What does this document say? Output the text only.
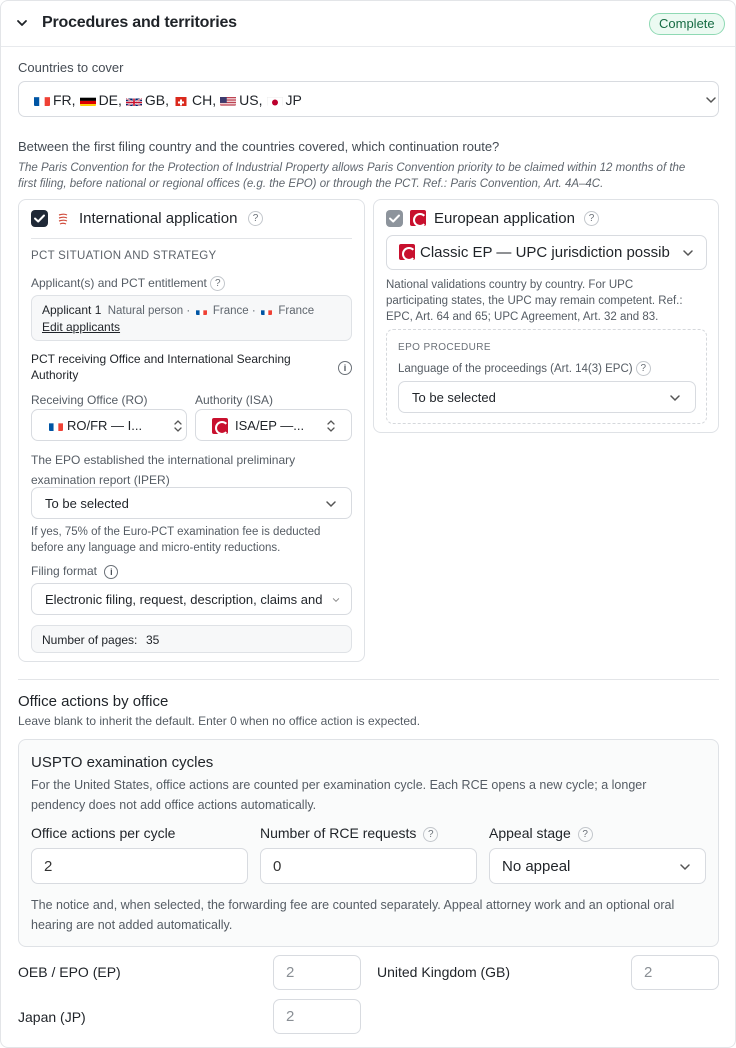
Procedures and territories	Complete
Countries to cover
FR, DE, GB, CH, US, JP
Between the first filing country and the countries covered, which continuation route?
The Paris Convention for the Protection of Industrial Property allows Paris Convention priority to be claimed within 12 months of the
first filing, before national or regional offices (e.g. the EPO) or through the PCT. Ref.: Paris Convention, Art. 4A–4C.
International application	?
PCT SITUATION AND STRATEGY
Applicant(s) and PCT entitlement ?
Applicant 1 Natural person · France · France
Edit applicants
PCT receiving Office and International Searching
Authority	i
Receiving Office (RO)
RO/FR — I...
Authority (ISA)
ISA/EP —...
The EPO established the international preliminary
examination report (IPER)
To be selected
If yes, 75% of the Euro-PCT examination fee is deducted
before any language and micro-entity reductions.
Filing format i
Electronic filing, request, description, claims and
Number of pages: 35
European application	?
Classic EP — UPC jurisdiction possib
National validations country by country. For UPC
participating states, the UPC may remain competent. Ref.:
EPC, Art. 64 and 65; UPC Agreement, Art. 32 and 83.
EPO PROCEDURE
Language of the proceedings (Art. 14(3) EPC) ?
To be selected
Office actions by office
Leave blank to inherit the default. Enter 0 when no office action is expected.
USPTO examination cycles
For the United States, office actions are counted per examination cycle. Each RCE opens a new cycle; a longer
pendency does not add office actions automatically.
Office actions per cycle
2
Number of RCE requests ?
0
Appeal stage ?
No appeal
The notice and, when selected, the forwarding fee are counted separately. Appeal attorney work and an optional oral
hearing are not added automatically.
OEB / EPO (EP)	2	United Kingdom (GB)	2
Japan (JP)	2
